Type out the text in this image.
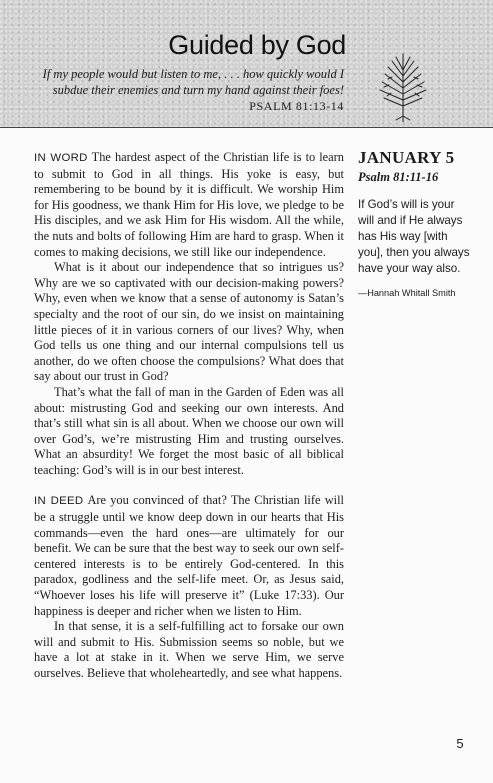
Guided by God
If my people would but listen to me, . . . how quickly would I subdue their enemies and turn my hand against their foes!
PSALM 81:13-14

IN WORD The hardest aspect of the Christian life is to learn to submit to God in all things. His yoke is easy, but remembering to be bound by it is difficult. We worship Him for His goodness, we thank Him for His love, we pledge to be His disciples, and we ask Him for His wisdom. All the while, the nuts and bolts of following Him are hard to grasp. When it comes to making decisions, we still like our independence.

What is it about our independence that so intrigues us? Why are we so captivated with our decision-making powers? Why, even when we know that a sense of autonomy is Satan’s specialty and the root of our sin, do we insist on maintaining little pieces of it in various corners of our lives? Why, when God tells us one thing and our internal compulsions tell us another, do we often choose the compulsions? What does that say about our trust in God?

That’s what the fall of man in the Garden of Eden was all about: mistrusting God and seeking our own interests. And that’s still what sin is all about. When we choose our own will over God’s, we’re mistrusting Him and trusting ourselves. What an absurdity! We forget the most basic of all biblical teaching: God’s will is in our best interest.

IN DEED Are you convinced of that? The Christian life will be a struggle until we know deep down in our hearts that His commands—even the hard ones—are ultimately for our benefit. We can be sure that the best way to seek our own self-centered interests is to be entirely God-centered. In this paradox, godliness and the self-life meet. Or, as Jesus said, “Whoever loses his life will preserve it” (Luke 17:33). Our happiness is deeper and richer when we listen to Him.

In that sense, it is a self-fulfilling act to forsake our own will and submit to His. Submission seems so noble, but we have a lot at stake in it. When we serve Him, we serve ourselves. Believe that wholeheartedly, and see what happens.

JANUARY 5
Psalm 81:11-16
If God’s will is your will and if He always has His way [with you], then you always have your way also.
—Hannah Whitall Smith
5
